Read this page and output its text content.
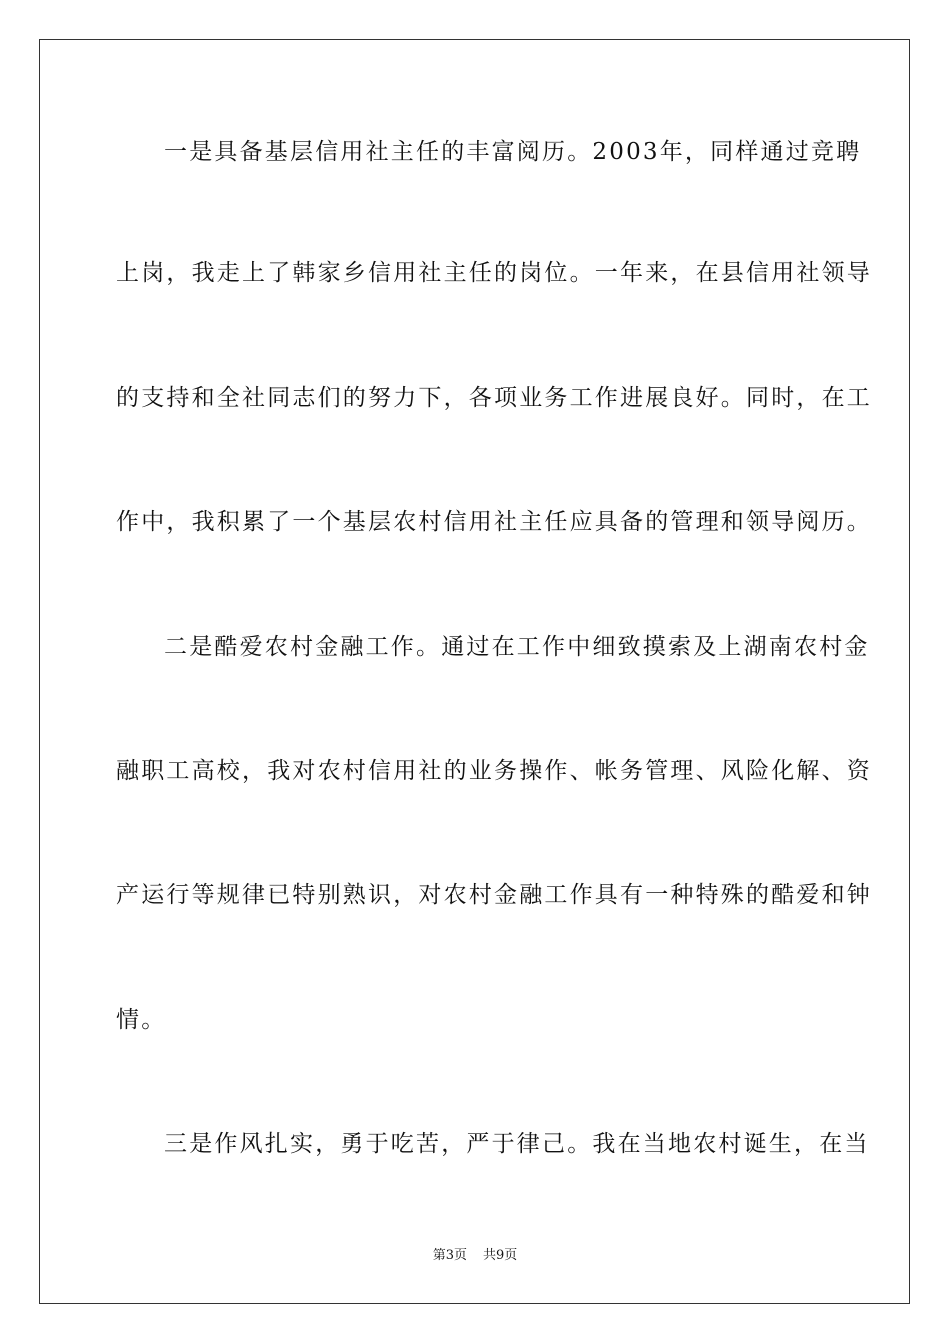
一是具备基层信用社主任的丰富阅历。2003年，同样通过竞聘
上岗，我走上了韩家乡信用社主任的岗位。一年来，在县信用社领导
的支持和全社同志们的努力下，各项业务工作进展良好。同时，在工
作中，我积累了一个基层农村信用社主任应具备的管理和领导阅历。
二是酷爱农村金融工作。通过在工作中细致摸索及上湖南农村金
融职工高校，我对农村信用社的业务操作、帐务管理、风险化解、资
产运行等规律已特别熟识，对农村金融工作具有一种特殊的酷爱和钟
情。
三是作风扎实，勇于吃苦，严于律己。我在当地农村诞生，在当
第3页 共9页
